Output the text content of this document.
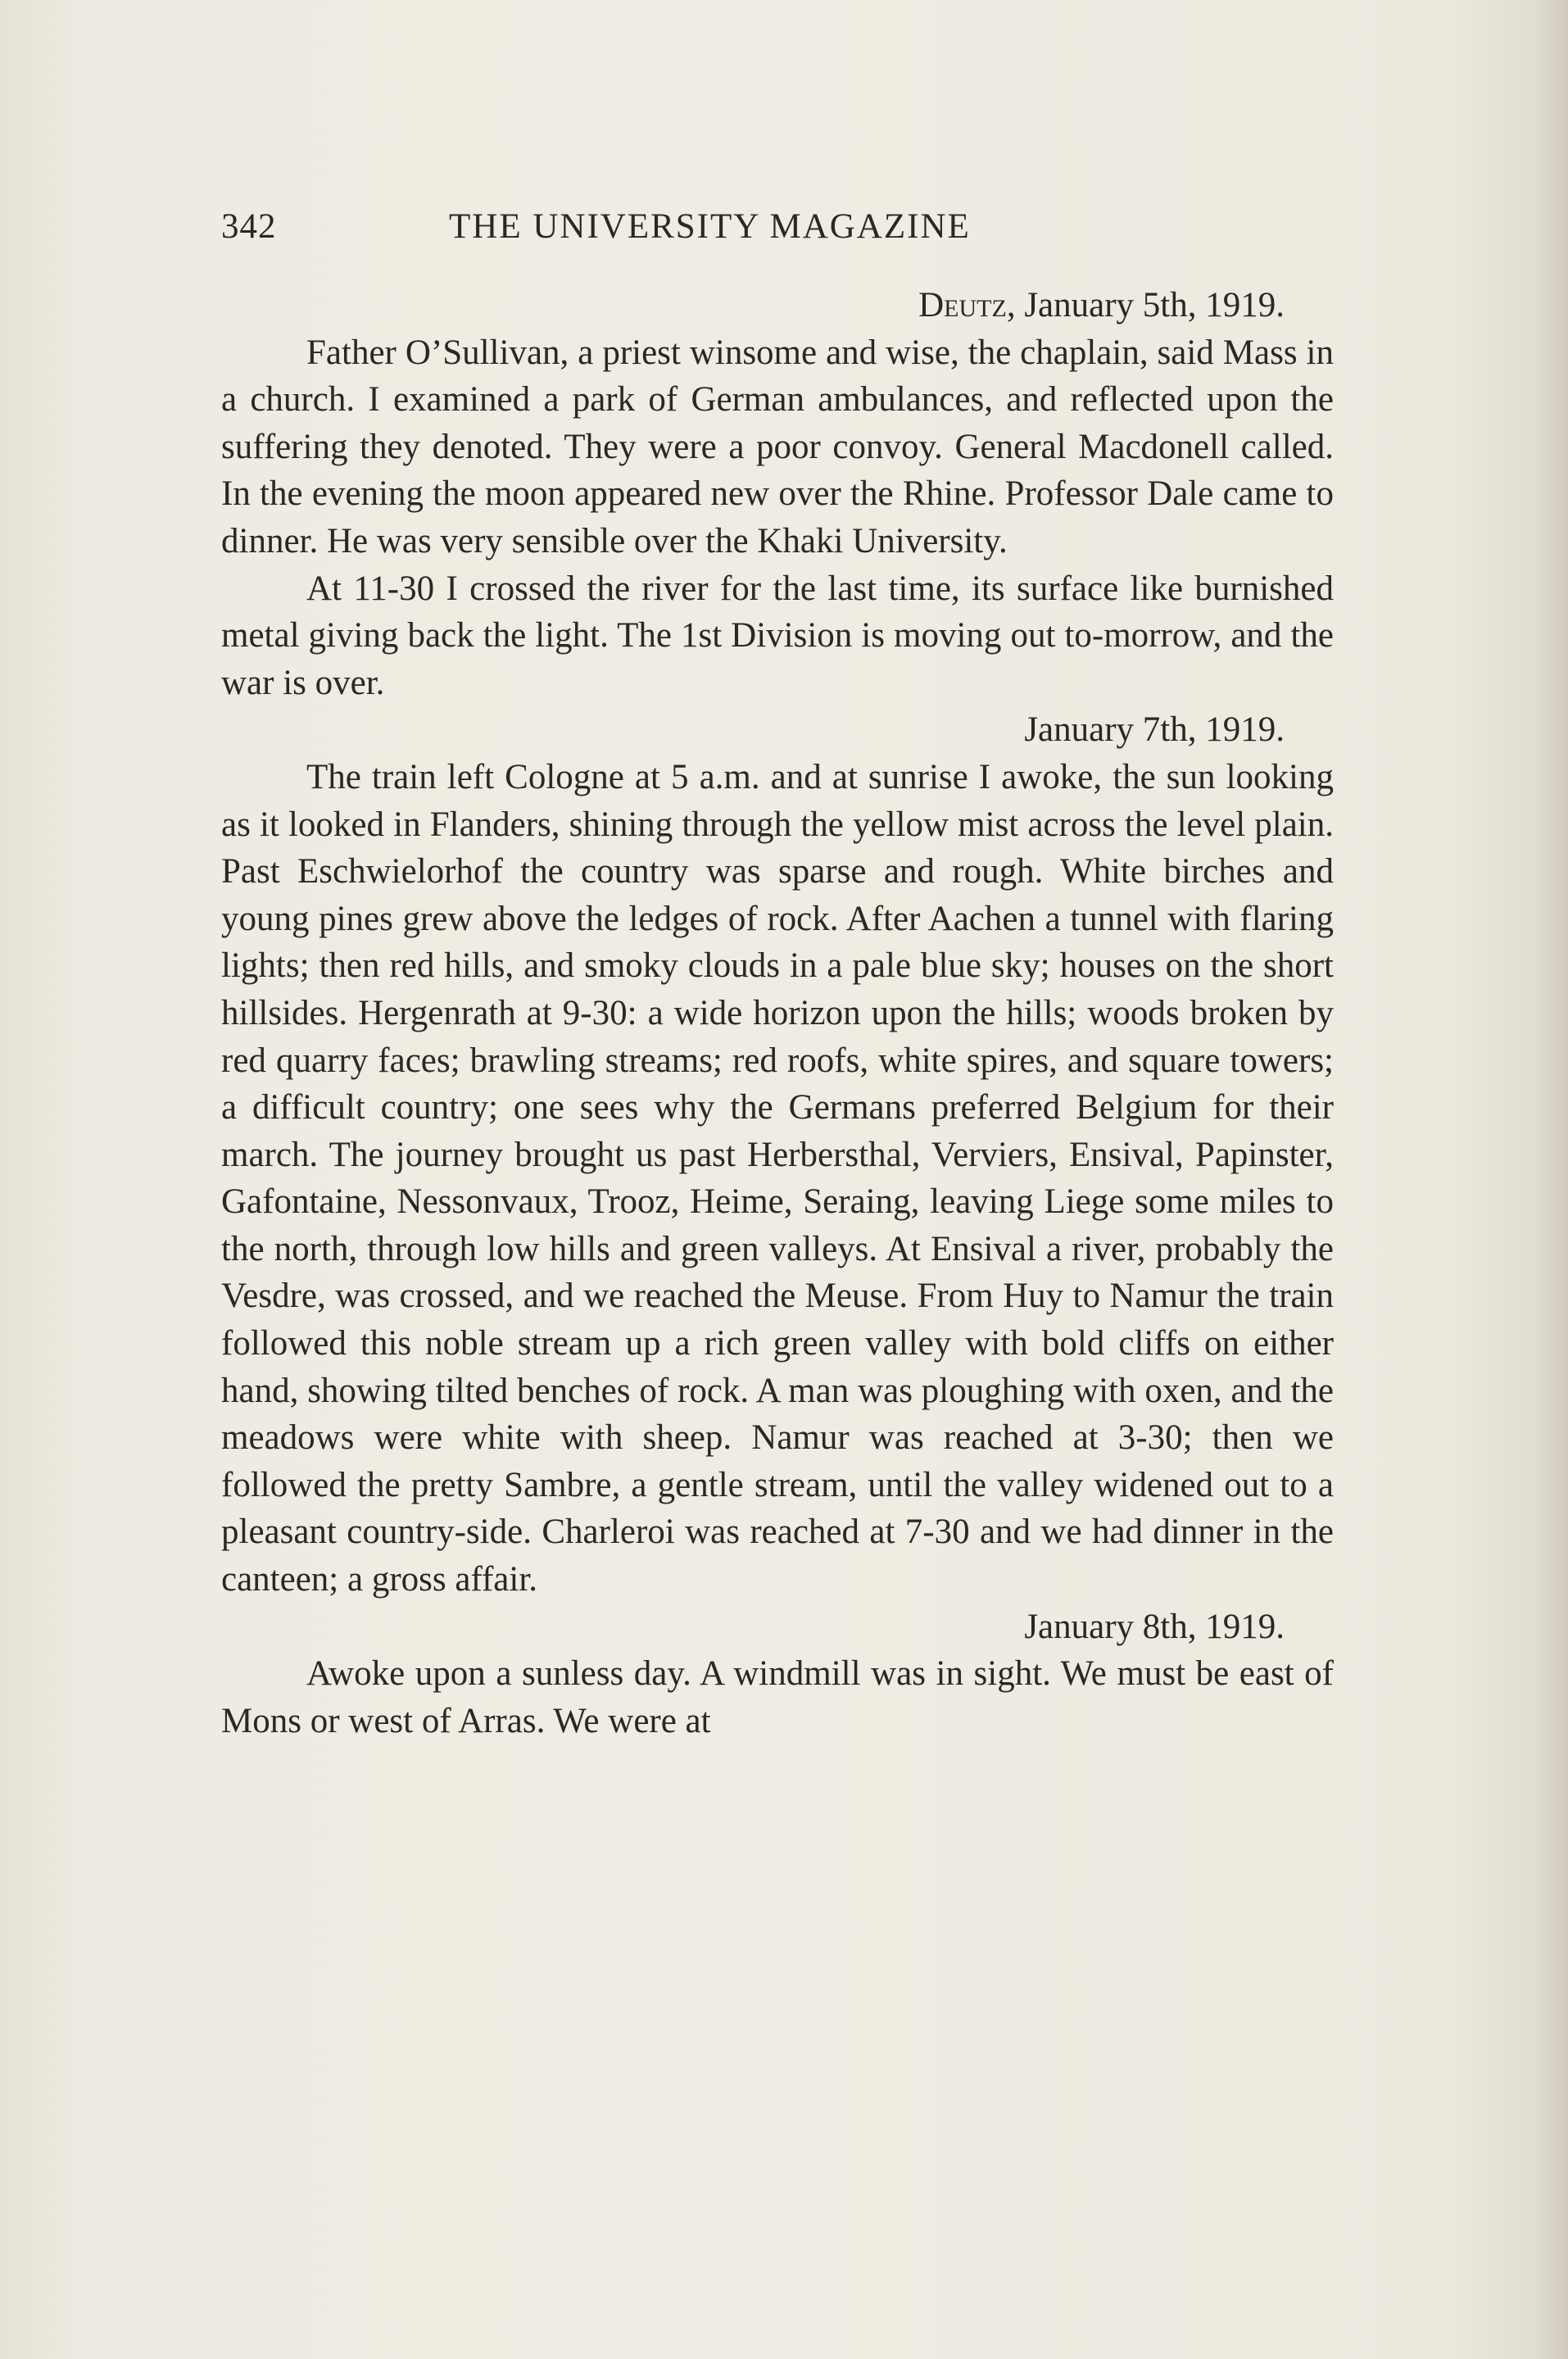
342	THE UNIVERSITY MAGAZINE

Deutz, January 5th, 1919.

Father O’Sullivan, a priest winsome and wise, the chaplain, said Mass in a church. I examined a park of German ambulances, and reflected upon the suffering they denoted. They were a poor convoy. General Macdonell called. In the evening the moon appeared new over the Rhine. Professor Dale came to dinner. He was very sensible over the Khaki University.

At 11-30 I crossed the river for the last time, its surface like burnished metal giving back the light. The 1st Division is moving out to-morrow, and the war is over.

January 7th, 1919.

The train left Cologne at 5 a.m. and at sunrise I awoke, the sun looking as it looked in Flanders, shining through the yellow mist across the level plain. Past Eschwielorhof the country was sparse and rough. White birches and young pines grew above the ledges of rock. After Aachen a tunnel with flaring lights; then red hills, and smoky clouds in a pale blue sky; houses on the short hillsides. Hergenrath at 9-30: a wide horizon upon the hills; woods broken by red quarry faces; brawling streams; red roofs, white spires, and square towers; a difficult country; one sees why the Germans preferred Belgium for their march. The journey brought us past Herbersthal, Verviers, Ensival, Papinster, Gafontaine, Nessonvaux, Trooz, Heime, Seraing, leaving Liege some miles to the north, through low hills and green valleys. At Ensival a river, probably the Vesdre, was crossed, and we reached the Meuse. From Huy to Namur the train followed this noble stream up a rich green valley with bold cliffs on either hand, showing tilted benches of rock. A man was ploughing with oxen, and the meadows were white with sheep. Namur was reached at 3-30; then we followed the pretty Sambre, a gentle stream, until the valley widened out to a pleasant country-side. Charleroi was reached at 7-30 and we had dinner in the canteen; a gross affair.

January 8th, 1919.

Awoke upon a sunless day. A windmill was in sight. We must be east of Mons or west of Arras. We were at
